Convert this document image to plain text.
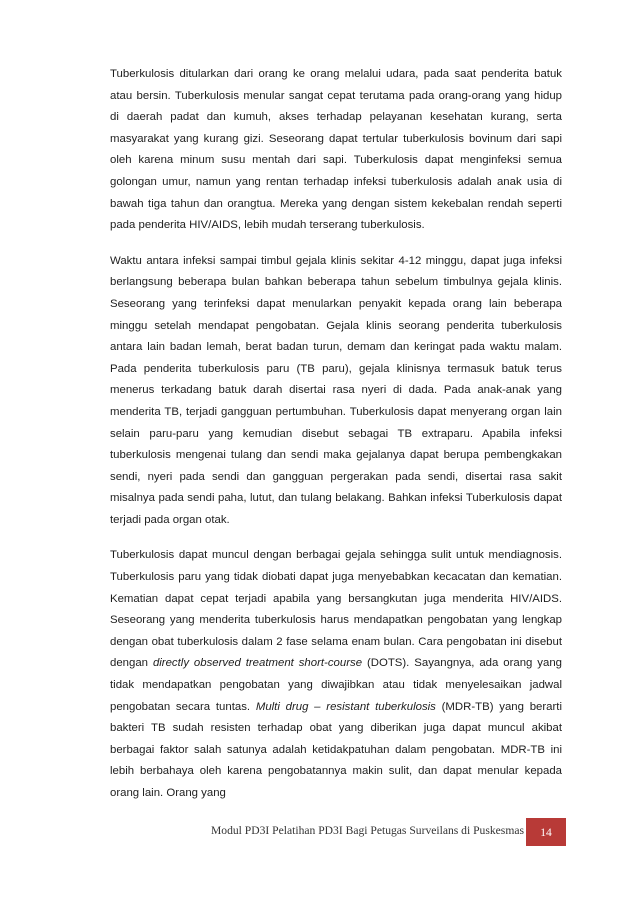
Tuberkulosis ditularkan dari orang ke orang melalui udara, pada saat penderita batuk atau bersin. Tuberkulosis menular sangat cepat terutama pada orang-orang yang hidup di daerah padat dan kumuh, akses terhadap pelayanan kesehatan kurang, serta masyarakat yang kurang gizi. Seseorang dapat tertular tuberkulosis bovinum dari sapi oleh karena minum susu mentah dari sapi. Tuberkulosis dapat menginfeksi semua golongan umur, namun yang rentan terhadap infeksi tuberkulosis adalah anak usia di bawah tiga tahun dan orangtua. Mereka yang dengan sistem kekebalan rendah seperti pada penderita HIV/AIDS, lebih mudah terserang tuberkulosis.

Waktu antara infeksi sampai timbul gejala klinis sekitar 4-12 minggu, dapat juga infeksi berlangsung beberapa bulan bahkan beberapa tahun sebelum timbulnya gejala klinis. Seseorang yang terinfeksi dapat menularkan penyakit kepada orang lain beberapa minggu setelah mendapat pengobatan. Gejala klinis seorang penderita tuberkulosis antara lain badan lemah, berat badan turun, demam dan keringat pada waktu malam. Pada penderita tuberkulosis paru (TB paru), gejala klinisnya termasuk batuk terus menerus terkadang batuk darah disertai rasa nyeri di dada. Pada anak-anak yang menderita TB, terjadi gangguan pertumbuhan. Tuberkulosis dapat menyerang organ lain selain paru-paru yang kemudian disebut sebagai TB extraparu. Apabila infeksi tuberkulosis mengenai tulang dan sendi maka gejalanya dapat berupa pembengkakan sendi, nyeri pada sendi dan gangguan pergerakan pada sendi, disertai rasa sakit misalnya pada sendi paha, lutut, dan tulang belakang. Bahkan infeksi Tuberkulosis dapat terjadi pada organ otak.

Tuberkulosis dapat muncul dengan berbagai gejala sehingga sulit untuk mendiagnosis. Tuberkulosis paru yang tidak diobati dapat juga menyebabkan kecacatan dan kematian. Kematian dapat cepat terjadi apabila yang bersangkutan juga menderita HIV/AIDS. Seseorang yang menderita tuberkulosis harus mendapatkan pengobatan yang lengkap dengan obat tuberkulosis dalam 2 fase selama enam bulan. Cara pengobatan ini disebut dengan directly observed treatment short-course (DOTS). Sayangnya, ada orang yang tidak mendapatkan pengobatan yang diwajibkan atau tidak menyelesaikan jadwal pengobatan secara tuntas. Multi drug – resistant tuberkulosis (MDR-TB) yang berarti bakteri TB sudah resisten terhadap obat yang diberikan juga dapat muncul akibat berbagai faktor salah satunya adalah ketidakpatuhan dalam pengobatan. MDR-TB ini lebih berbahaya oleh karena pengobatannya makin sulit, dan dapat menular kepada orang lain. Orang yang

Modul PD3I Pelatihan PD3I Bagi Petugas Surveilans di Puskesmas	14
